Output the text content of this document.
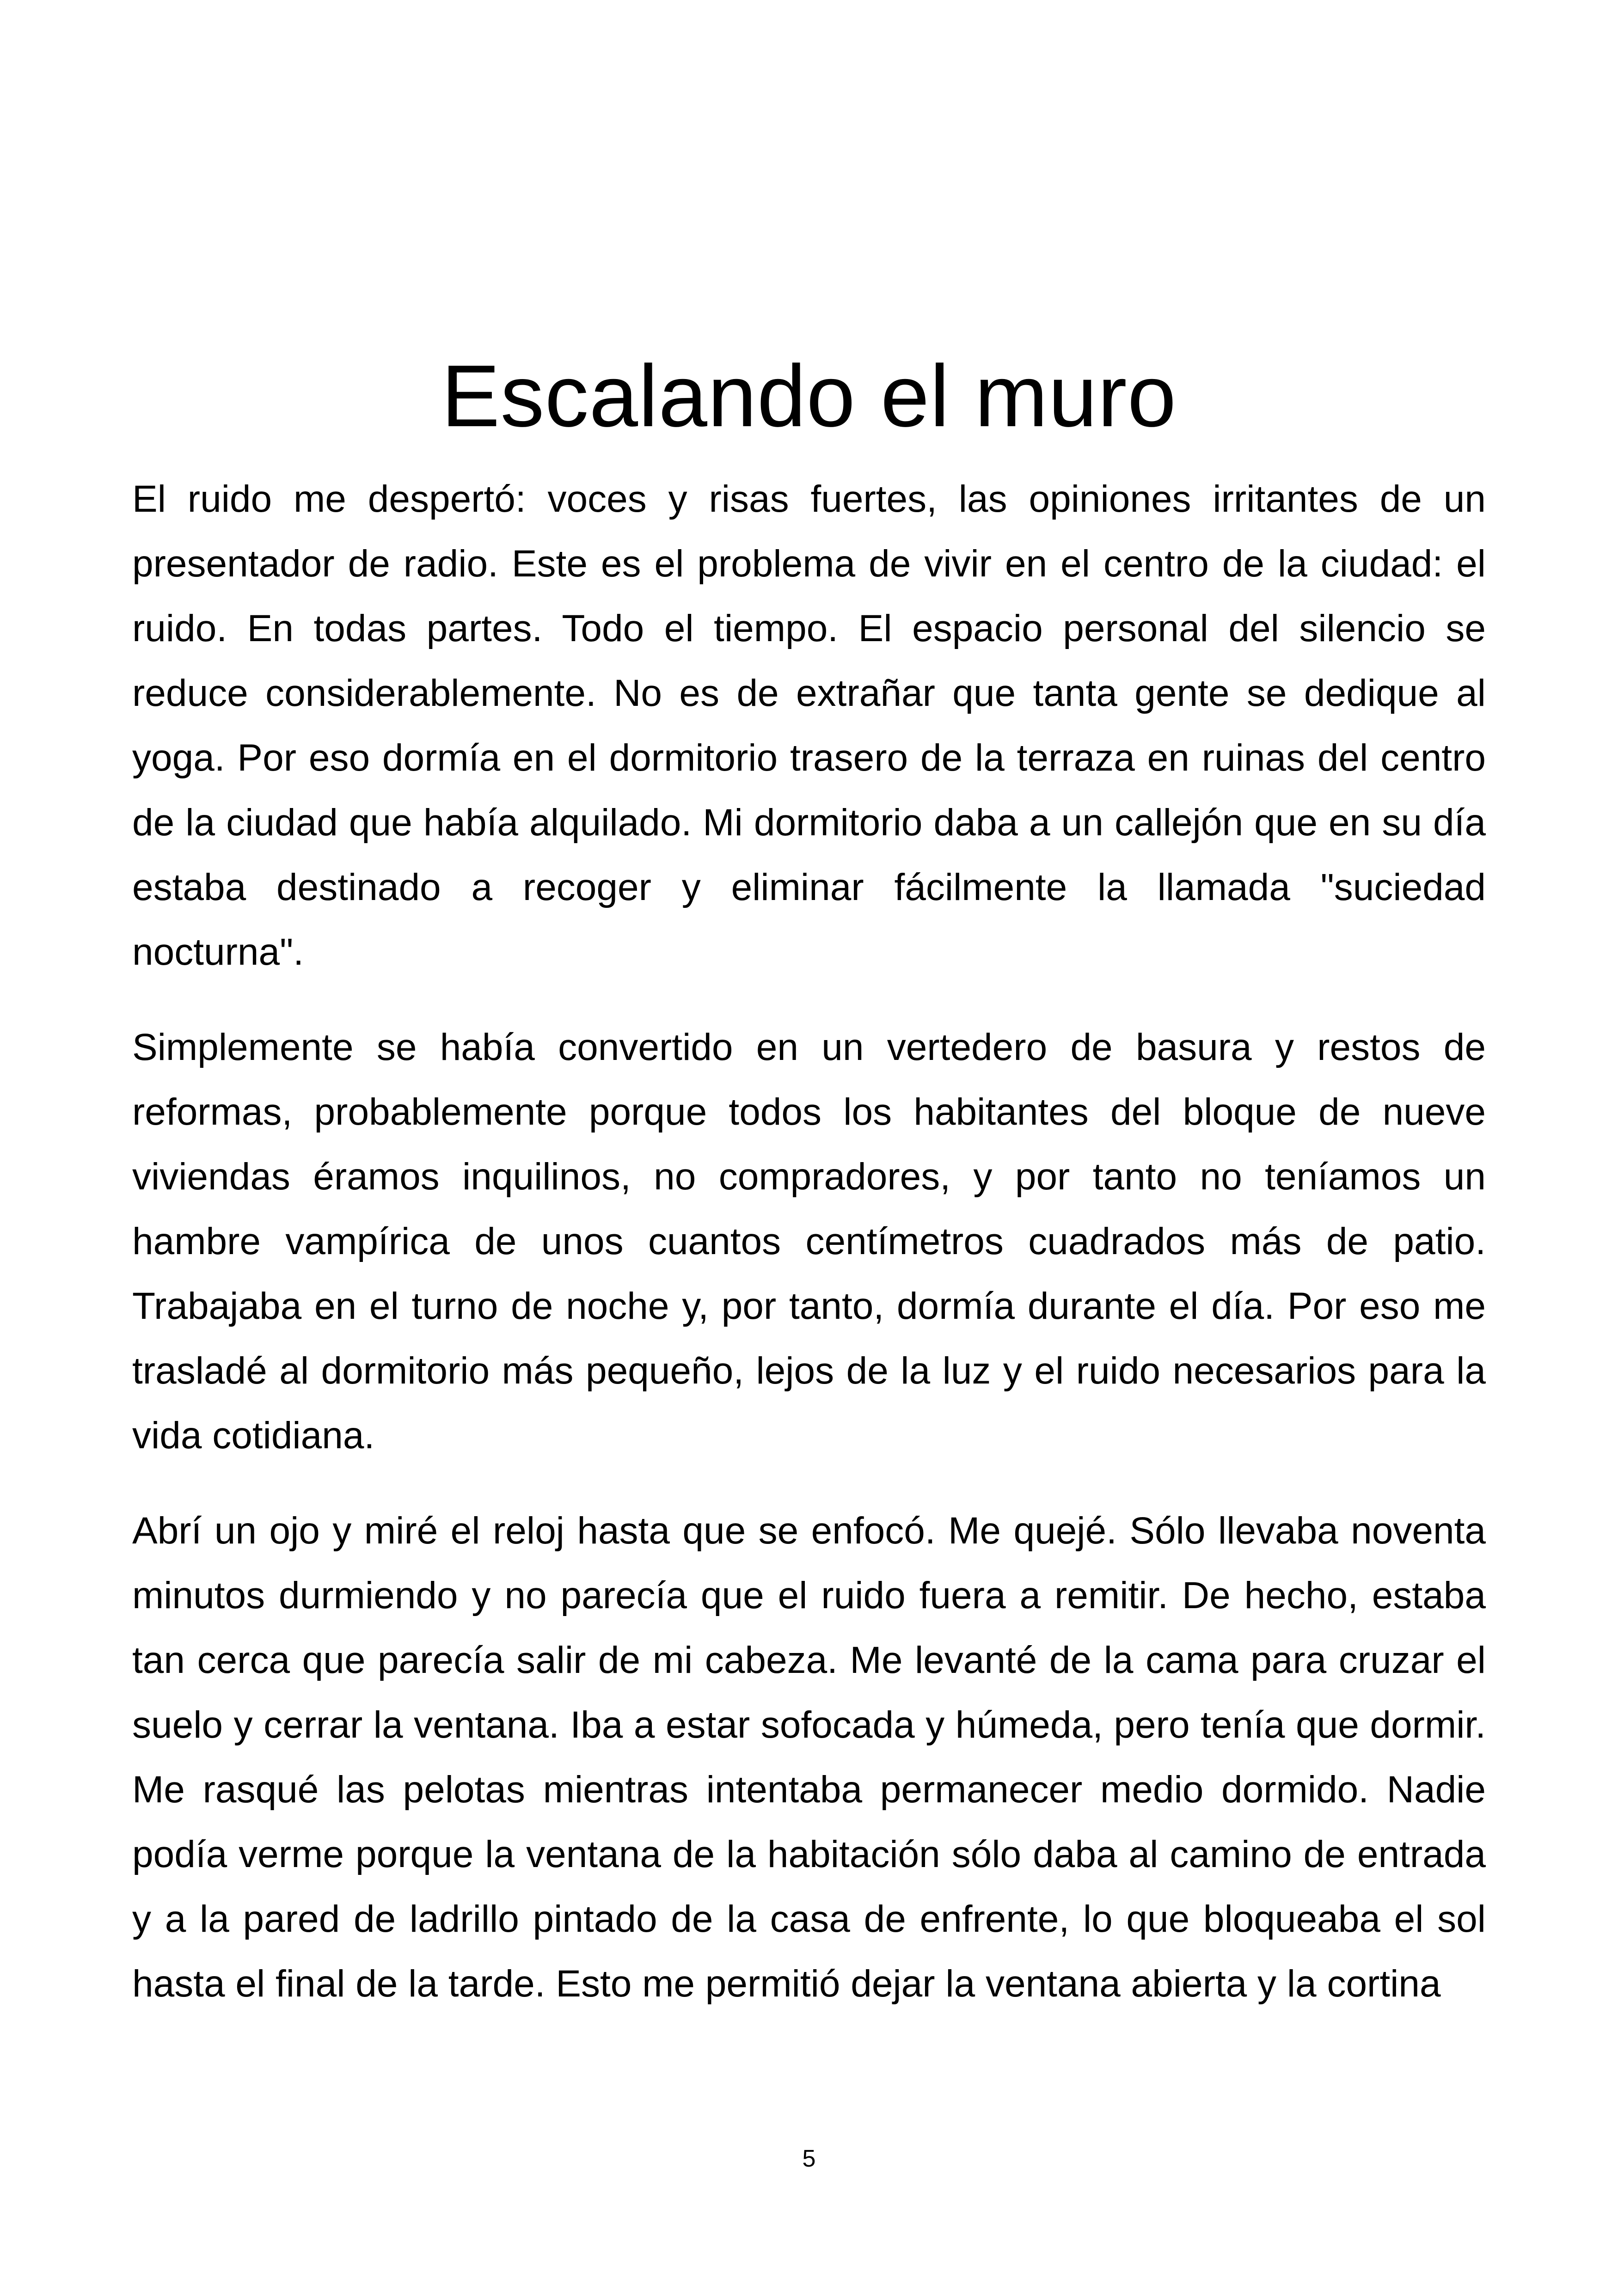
Escalando el muro

El ruido me despertó: voces y risas fuertes, las opiniones irritantes de un presentador de radio. Este es el problema de vivir en el centro de la ciudad: el ruido. En todas partes. Todo el tiempo. El espacio personal del silencio se reduce considerablemente. No es de extrañar que tanta gente se dedique al yoga. Por eso dormía en el dormitorio trasero de la terraza en ruinas del centro de la ciudad que había alquilado. Mi dormitorio daba a un callejón que en su día estaba destinado a recoger y eliminar fácilmente la llamada "suciedad nocturna".

Simplemente se había convertido en un vertedero de basura y restos de reformas, probablemente porque todos los habitantes del bloque de nueve viviendas éramos inquilinos, no compradores, y por tanto no teníamos un hambre vampírica de unos cuantos centímetros cuadrados más de patio. Trabajaba en el turno de noche y, por tanto, dormía durante el día. Por eso me trasladé al dormitorio más pequeño, lejos de la luz y el ruido necesarios para la vida cotidiana.

Abrí un ojo y miré el reloj hasta que se enfocó. Me quejé. Sólo llevaba noventa minutos durmiendo y no parecía que el ruido fuera a remitir. De hecho, estaba tan cerca que parecía salir de mi cabeza. Me levanté de la cama para cruzar el suelo y cerrar la ventana. Iba a estar sofocada y húmeda, pero tenía que dormir. Me rasqué las pelotas mientras intentaba permanecer medio dormido. Nadie podía verme porque la ventana de la habitación sólo daba al camino de entrada y a la pared de ladrillo pintado de la casa de enfrente, lo que bloqueaba el sol hasta el final de la tarde. Esto me permitió dejar la ventana abierta y la cortina

5
